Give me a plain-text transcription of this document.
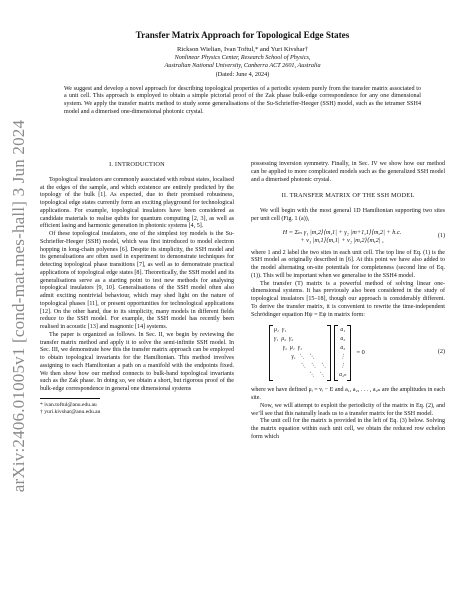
arXiv:2406.01005v1 [cond-mat.mes-hall] 3 Jun 2024
Transfer Matrix Approach for Topological Edge States
Rickson Wielian, Ivan Toftul,* and Yuri Kivshar†
Nonlinear Physics Center, Research School of Physics,
Australian National University, Canberra ACT 2601, Australia
(Dated: June 4, 2024)
We suggest and develop a novel approach for describing topological properties of a periodic system purely from the transfer matrix associated to a unit cell. This approach is employed to obtain a simple pictorial proof of the Zak phase bulk-edge correspondence for any one dimensional system. We apply the transfer matrix method to study some generalisations of the Su-Schrieffer-Heeger (SSH) model, such as the tetramer SSH4 model and a dimerised one-dimensional photonic crystal.
I. INTRODUCTION

Topological insulators are commonly associated with robust states, localised at the edges of the sample, and which existence are entirely predicted by the topology of the bulk [1]. As expected, due to their promised robustness, topological edge states currently form an exciting playground for technological applications. For example, topological insulators have been considered as candidate materials to realise qubits for quantum computing [2, 3], as well as efficient lasing and harmonic generation in photonic systems [4, 5].

Of these topological insulators, one of the simplest toy models is the Su-Schrieffer-Heeger (SSH) model, which was first introduced to model electron hopping in long-chain polyenes [6]. Despite its simplicity, the SSH model and its generalisations are often used in experiment to demonstrate techniques for detecting topological phase transitions [7], as well as to demonstrate practical applications of topological edge states [8]. Theoretically, the SSH model and its generalisations serve as a starting point to test new methods for analysing topological insulators [9, 10]. Generalisations of the SSH model often also admit exciting nontrivial behaviour, which may shed light on the nature of topological phases [11], or present opportunities for technological applications [12]. On the other hand, due to its simplicity, many models in different fields reduce to the SSH model. For example, the SSH model has recently been realised in acoustic [13] and magnonic [14] systems.

The paper is organized as follows. In Sec. II, we begin by reviewing the transfer matrix method and apply it to solve the semi-infinite SSH model. In Sec. III, we demonstrate how this the transfer matrix approach can be employed to obtain topological invariants for the Hamiltonian. This method involves assigning to each Hamiltonian a path on a manifold with the endpoints fixed. We then show how our method connects to bulk-band topological invariants such as the Zak phase. In doing so, we obtain a short, but rigorous proof of the bulk-edge correspondence in general one dimensional systems

* ivan.toftul@anu.edu.au

† yuri.kivshar@anu.edu.au

possessing inversion symmetry. Finally, in Sec. IV we show how our method can be applied to more complicated models such as the generalized SSH model and a dimerised photonic crystal.

II. TRANSFER MATRIX OF THE SSH MODEL

We will begin with the most general 1D Hamiltonian supporting two sites per unit cell (Fig. 1 (a)),

H = Σₘ γ₁ |m,2⟩⟨m,1| + γ₂ |m+1,1⟩⟨m,2| + h.c.
+ v₁ |m,1⟩⟨m,1| + v₂ |m,2⟩⟨m,2| ,
(1)

where 1 and 2 label the two sites in each unit cell. The top line of Eq. (1) is the SSH model as originally described in [6]. At this point we have also added to the model alternating on-site potentials for completeness (second line of Eq. (1)). This will be important when we generalise to the SSH4 model.

The transfer (T) matrix is a powerful method of solving linear one-dimensional systems. It has previously also been considered in the study of topological insulators [15–18], though our approach is considerably different. To derive the transfer matrix, it is convenient to rewrite the time-independent Schrödinger equation Hψ = Eψ in matrix form:

μ₁  γ₁
γ₁  μ₂  γ₂
γ₂  μ₁  γ₁
γ₁  ⋱   ⋱
⋱   ⋱   ⋱
⋱   ⋱
a₁
a₂
a₃
⋮
⋮
a₂ₙ
= 0	(2)

where we have defined μᵢ = vᵢ − E and a₁, a₂, . . . , a₂ₙ are the amplitudes in each site.

Now, we will attempt to exploit the periodicity of the matrix in Eq. (2), and we’ll see that this naturally leads us to a transfer matrix for the SSH model.

The unit cell for the matrix is provided in the left of Eq. (3) below. Solving the matrix equation within each unit cell, we obtain the reduced row echelon form which
